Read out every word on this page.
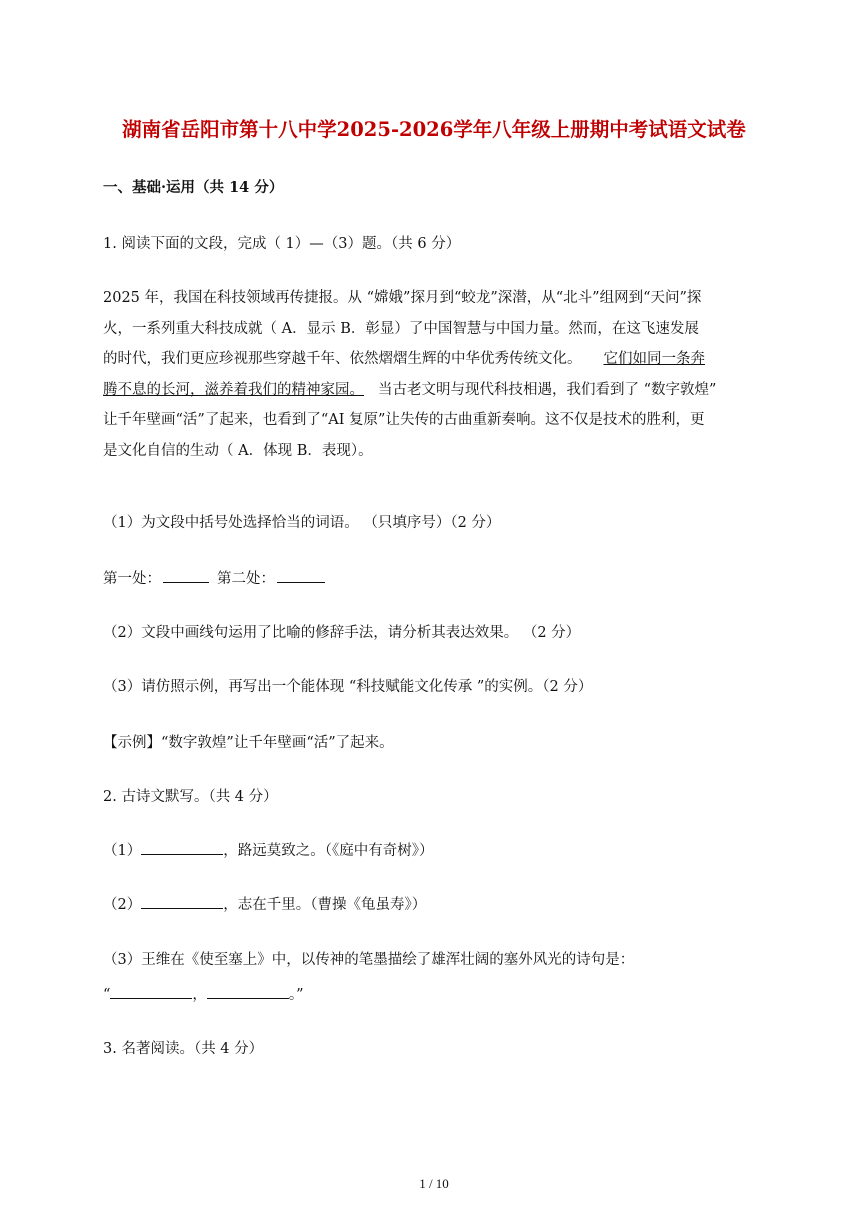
湖南省岳阳市第十八中学2025-2026学年八年级上册期中考试语文试卷
一、基础·运用（共 14 分）
1. 阅读下面的文段，完成（ 1）—（3）题。（共 6 分）
2025 年，我国在科技领域再传捷报。从 “嫦娥”探月到“蛟龙”深潜，从“北斗”组网到“天问”探
火，一系列重大科技成就（ A．显示 B．彰显）了中国智慧与中国力量。然而，在这飞速发展
的时代，我们更应珍视那些穿越千年、依然熠熠生辉的中华优秀传统文化。 它们如同一条奔
腾不息的长河，滋养着我们的精神家园。 当古老文明与现代科技相遇，我们看到了 “数字敦煌”
让千年壁画“活”了起来，也看到了“AI 复原”让失传的古曲重新奏响。这不仅是技术的胜利，更
是文化自信的生动（ A．体现 B．表现）。
（1）为文段中括号处选择恰当的词语。 （只填序号）（2 分）
第一处：	第二处：
（2）文段中画线句运用了比喻的修辞手法，请分析其表达效果。 （2 分）
（3）请仿照示例，再写出一个能体现 “科技赋能文化传承 ”的实例。（2 分）
【示例】“数字敦煌”让千年壁画“活”了起来。
2. 古诗文默写。（共 4 分）
（1）	，路远莫致之。（《庭中有奇树》）
（2）	，志在千里。（曹操《龟虽寿》）
（3）王维在《使至塞上》中，以传神的笔墨描绘了雄浑壮阔的塞外风光的诗句是：
“	，	。”
3. 名著阅读。（共 4 分）
1 / 10
